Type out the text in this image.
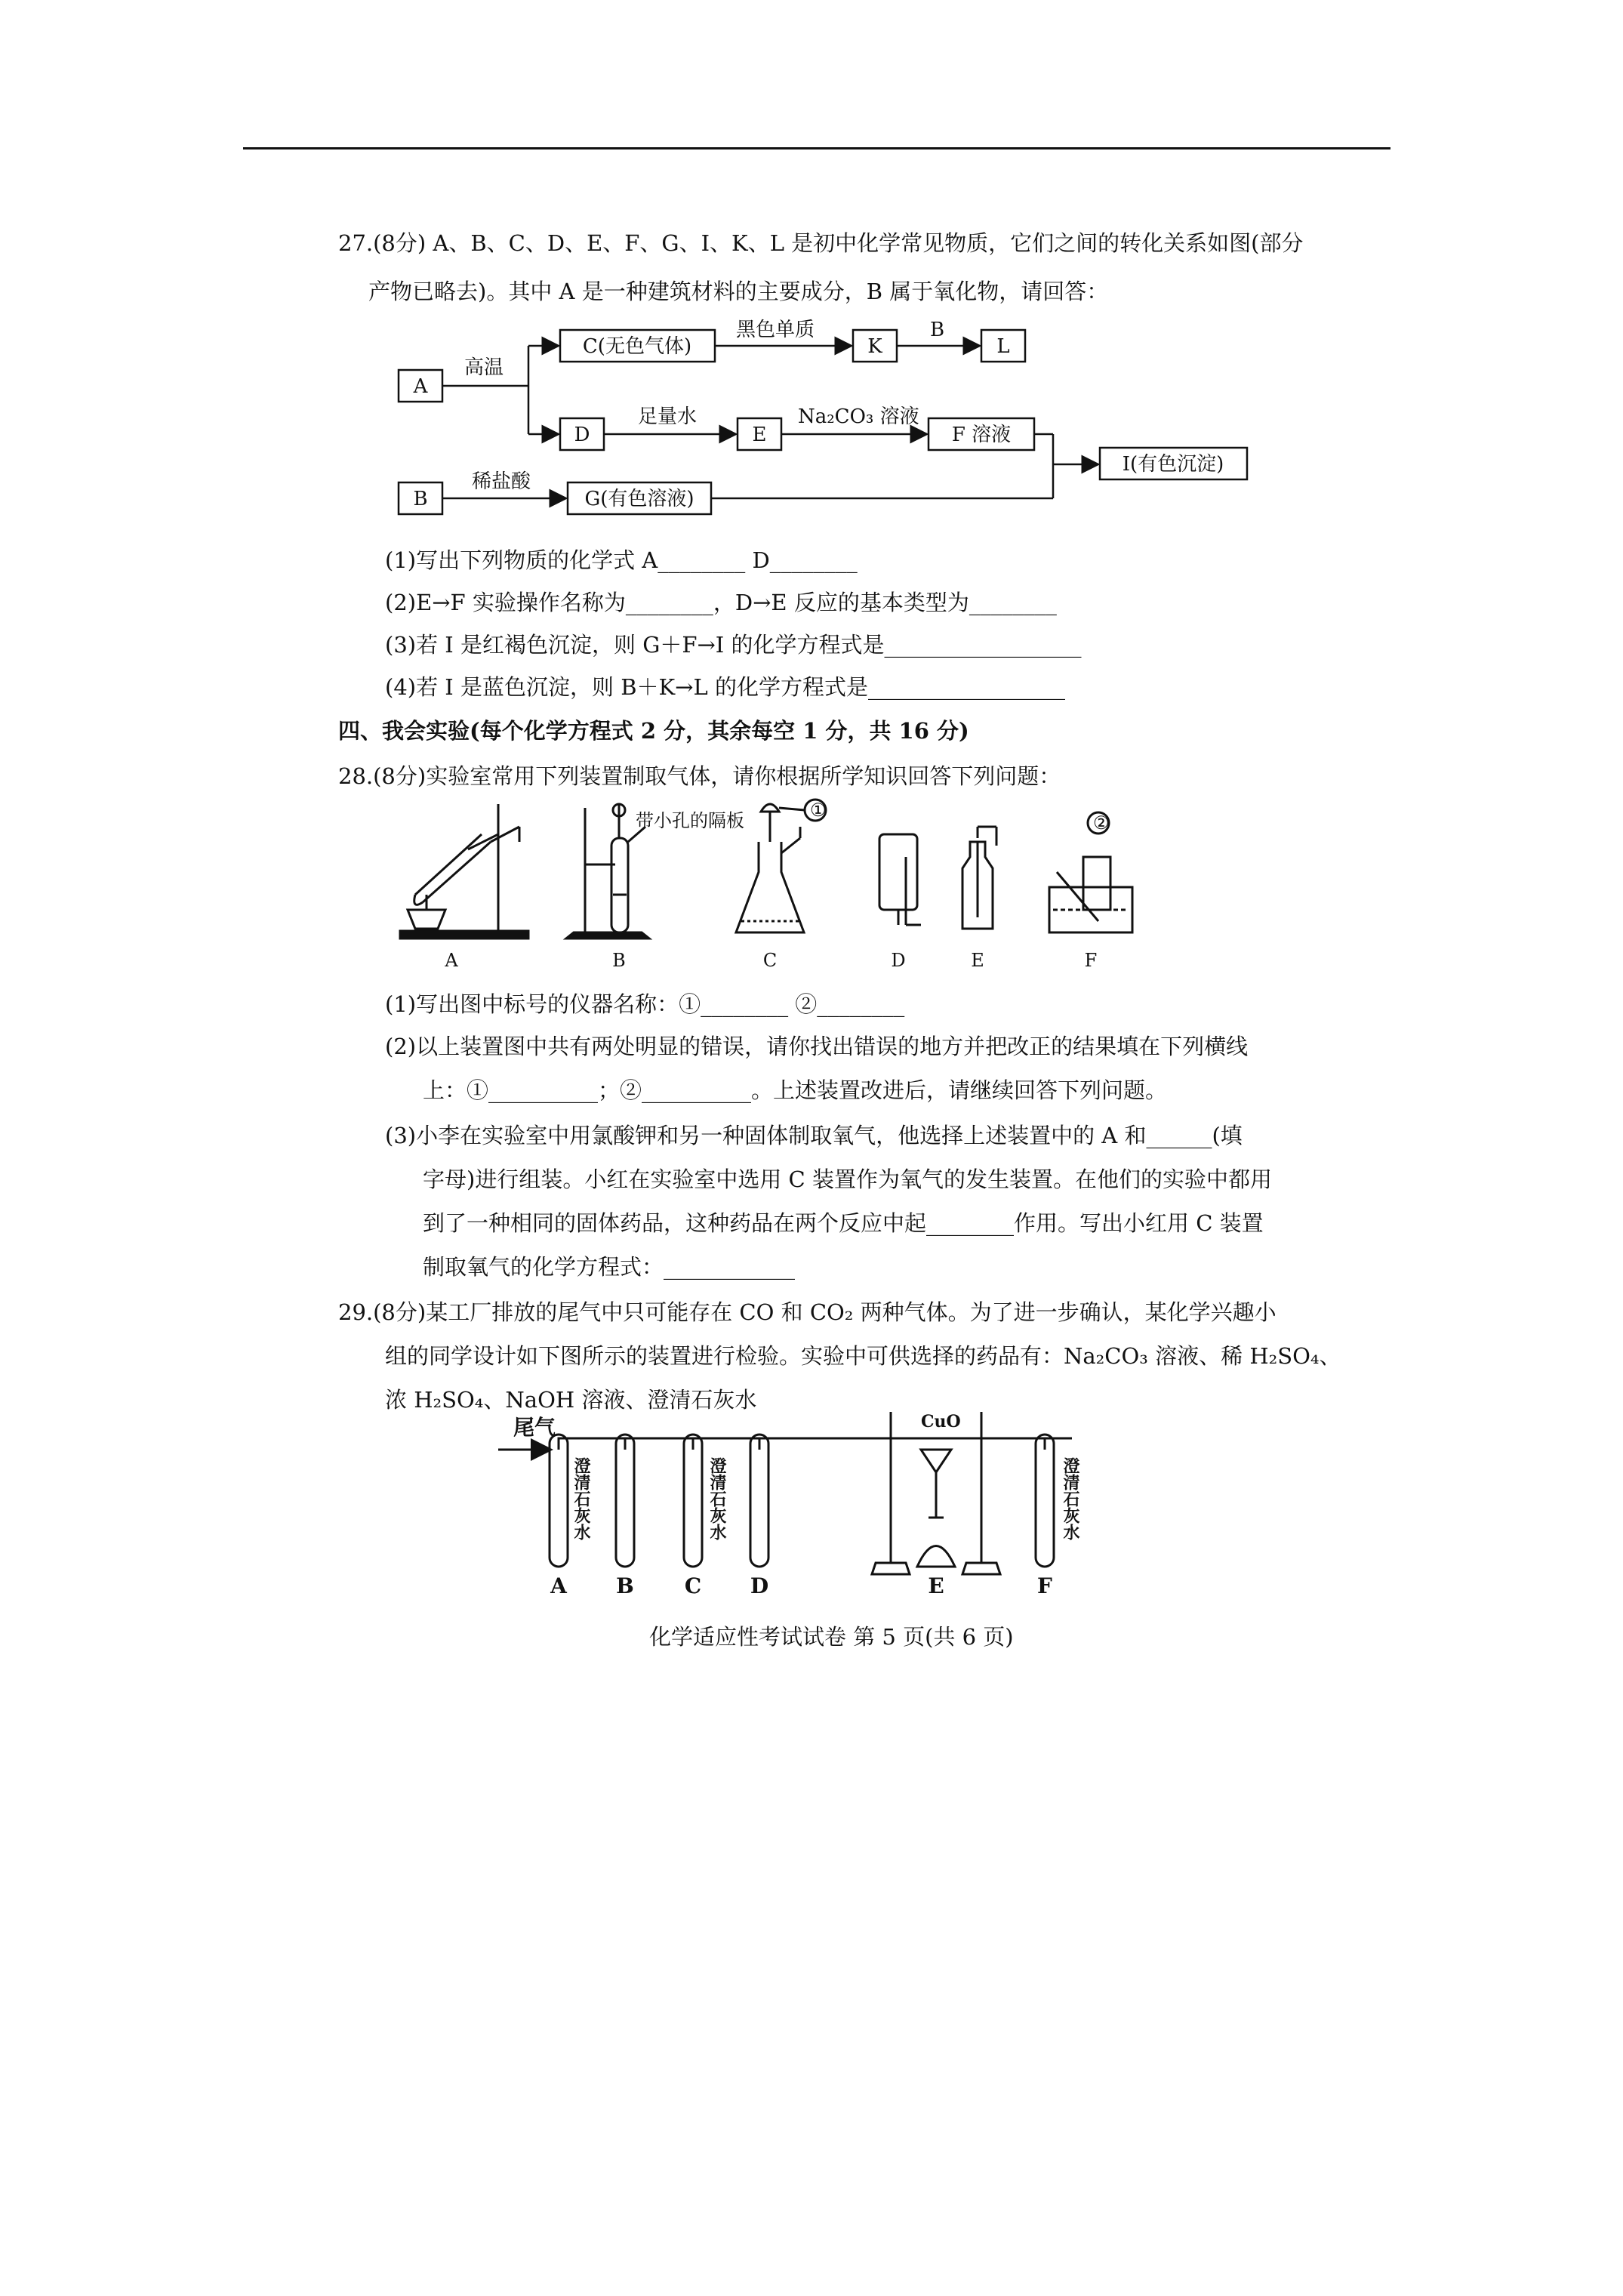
27.(8分) A、B、C、D、E、F、G、I、K、L 是初中化学常见物质，它们之间的转化关系如图(部分
产物已略去)。其中 A 是一种建筑材料的主要成分，B 属于氧化物，请回答：
A
高温
C(无色气体)
黑色单质
K
B
L
D
足量水
E
Na₂CO₃ 溶液
F 溶液
I(有色沉淀)
B
稀盐酸
G(有色溶液)
(1)写出下列物质的化学式 A________ D________
(2)E→F 实验操作名称为________，D→E 反应的基本类型为________
(3)若 I 是红褐色沉淀，则 G＋F→I 的化学方程式是__________________
(4)若 I 是蓝色沉淀，则 B＋K→L 的化学方程式是__________________
四、我会实验(每个化学方程式 2 分，其余每空 1 分，共 16 分)
28.(8分)实验室常用下列装置制取气体，请你根据所学知识回答下列问题：
带小孔的隔板	①
②
A	B	C	D	E	F
(1)写出图中标号的仪器名称：①________ ②________
(2)以上装置图中共有两处明显的错误，请你找出错误的地方并把改正的结果填在下列横线
上：①__________；②__________。上述装置改进后，请继续回答下列问题。
(3)小李在实验室中用氯酸钾和另一种固体制取氧气，他选择上述装置中的 A 和______(填
字母)进行组装。小红在实验室中选用 C 装置作为氧气的发生装置。在他们的实验中都用
到了一种相同的固体药品，这种药品在两个反应中起________作用。写出小红用 C 装置
制取氧气的化学方程式：____________
29.(8分)某工厂排放的尾气中只可能存在 CO 和 CO₂ 两种气体。为了进一步确认，某化学兴趣小
组的同学设计如下图所示的装置进行检验。实验中可供选择的药品有：Na₂CO₃ 溶液、稀 H₂SO₄、
浓 H₂SO₄、NaOH 溶液、澄清石灰水
尾气	CuO
A B C D	E	F
澄清石灰水	澄清石灰水	澄清石灰水
化学适应性考试试卷 第 5 页(共 6 页)
